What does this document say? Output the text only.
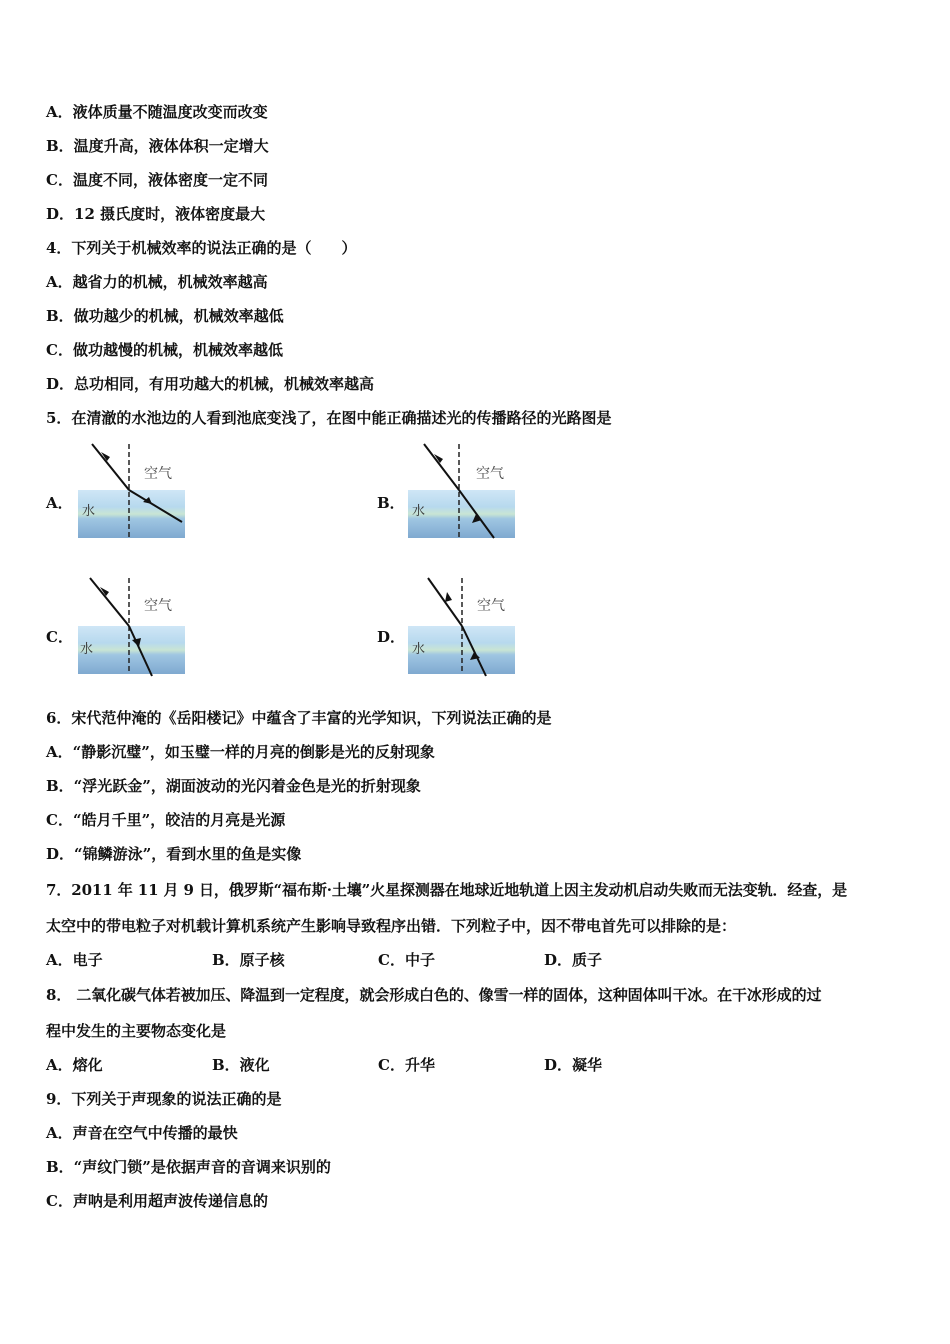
A．液体质量不随温度改变而改变
B．温度升高，液体体积一定增大
C．温度不同，液体密度一定不同
D．12 摄氏度时，液体密度最大
4．下列关于机械效率的说法正确的是（　　）
A．越省力的机械，机械效率越高
B．做功越少的机械，机械效率越低
C．做功越慢的机械，机械效率越低
D．总功相同，有用功越大的机械，机械效率越高
5．在清澈的水池边的人看到池底变浅了，在图中能正确描述光的传播路径的光路图是
A．
空气
水	B．
空气
水
C．
空气
水
D．
空气
水
6．宋代范仲淹的《岳阳楼记》中蕴含了丰富的光学知识，下列说法正确的是
A．“静影沉璧”，如玉璧一样的月亮的倒影是光的反射现象
B．“浮光跃金”，湖面波动的光闪着金色是光的折射现象
C．“皓月千里”，皎洁的月亮是光源
D．“锦鳞游泳”，看到水里的鱼是实像
7．2011 年 11 月 9 日，俄罗斯“福布斯·土壤”火星探测器在地球近地轨道上因主发动机启动失败而无法变轨．经查，是
太空中的带电粒子对机载计算机系统产生影响导致程序出错．下列粒子中，因不带电首先可以排除的是：
A．电子	B．原子核	C．中子	D．质子
8． 二氧化碳气体若被加压、降温到一定程度，就会形成白色的、像雪一样的固体，这种固体叫干冰。在干冰形成的过
程中发生的主要物态变化是
A．熔化	B．液化	C．升华	D．凝华
9．下列关于声现象的说法正确的是
A．声音在空气中传播的最快
B．“声纹门锁”是依据声音的音调来识别的
C．声呐是利用超声波传递信息的
